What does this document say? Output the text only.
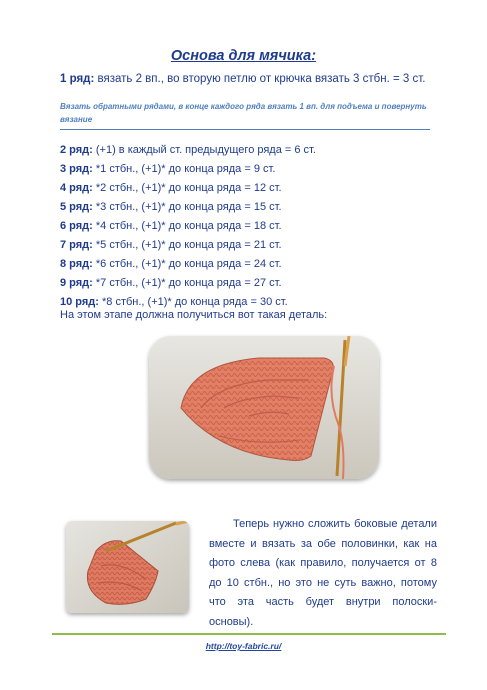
Основа для мячика:
1 ряд: вязать 2 вп., во вторую петлю от крючка вязать 3 стбн. = 3 ст.
Вязать обратными рядами, в конце каждого ряда вязать 1 вп. для подъема и повернуть вязание
2 ряд: (+1) в каждый ст. предыдущего ряда = 6 ст.
3 ряд: *1 стбн., (+1)* до конца ряда = 9 ст.
4 ряд: *2 стбн., (+1)* до конца ряда = 12 ст.
5 ряд: *3 стбн., (+1)* до конца ряда = 15 ст.
6 ряд: *4 стбн., (+1)* до конца ряда = 18 ст.
7 ряд: *5 стбн., (+1)* до конца ряда = 21 ст.
8 ряд: *6 стбн., (+1)* до конца ряда = 24 ст.
9 ряд: *7 стбн., (+1)* до конца ряда = 27 ст.
10 ряд: *8 стбн., (+1)* до конца ряда = 30 ст.
На этом этапе должна получиться вот такая деталь:
Теперь нужно сложить боковые детали вместе и вязать за обе половинки, как на фото слева (как правило, получается от 8 до 10 стбн., но это не суть важно, потому что эта часть будет внутри полоски-основы).
http://toy-fabric.ru/
